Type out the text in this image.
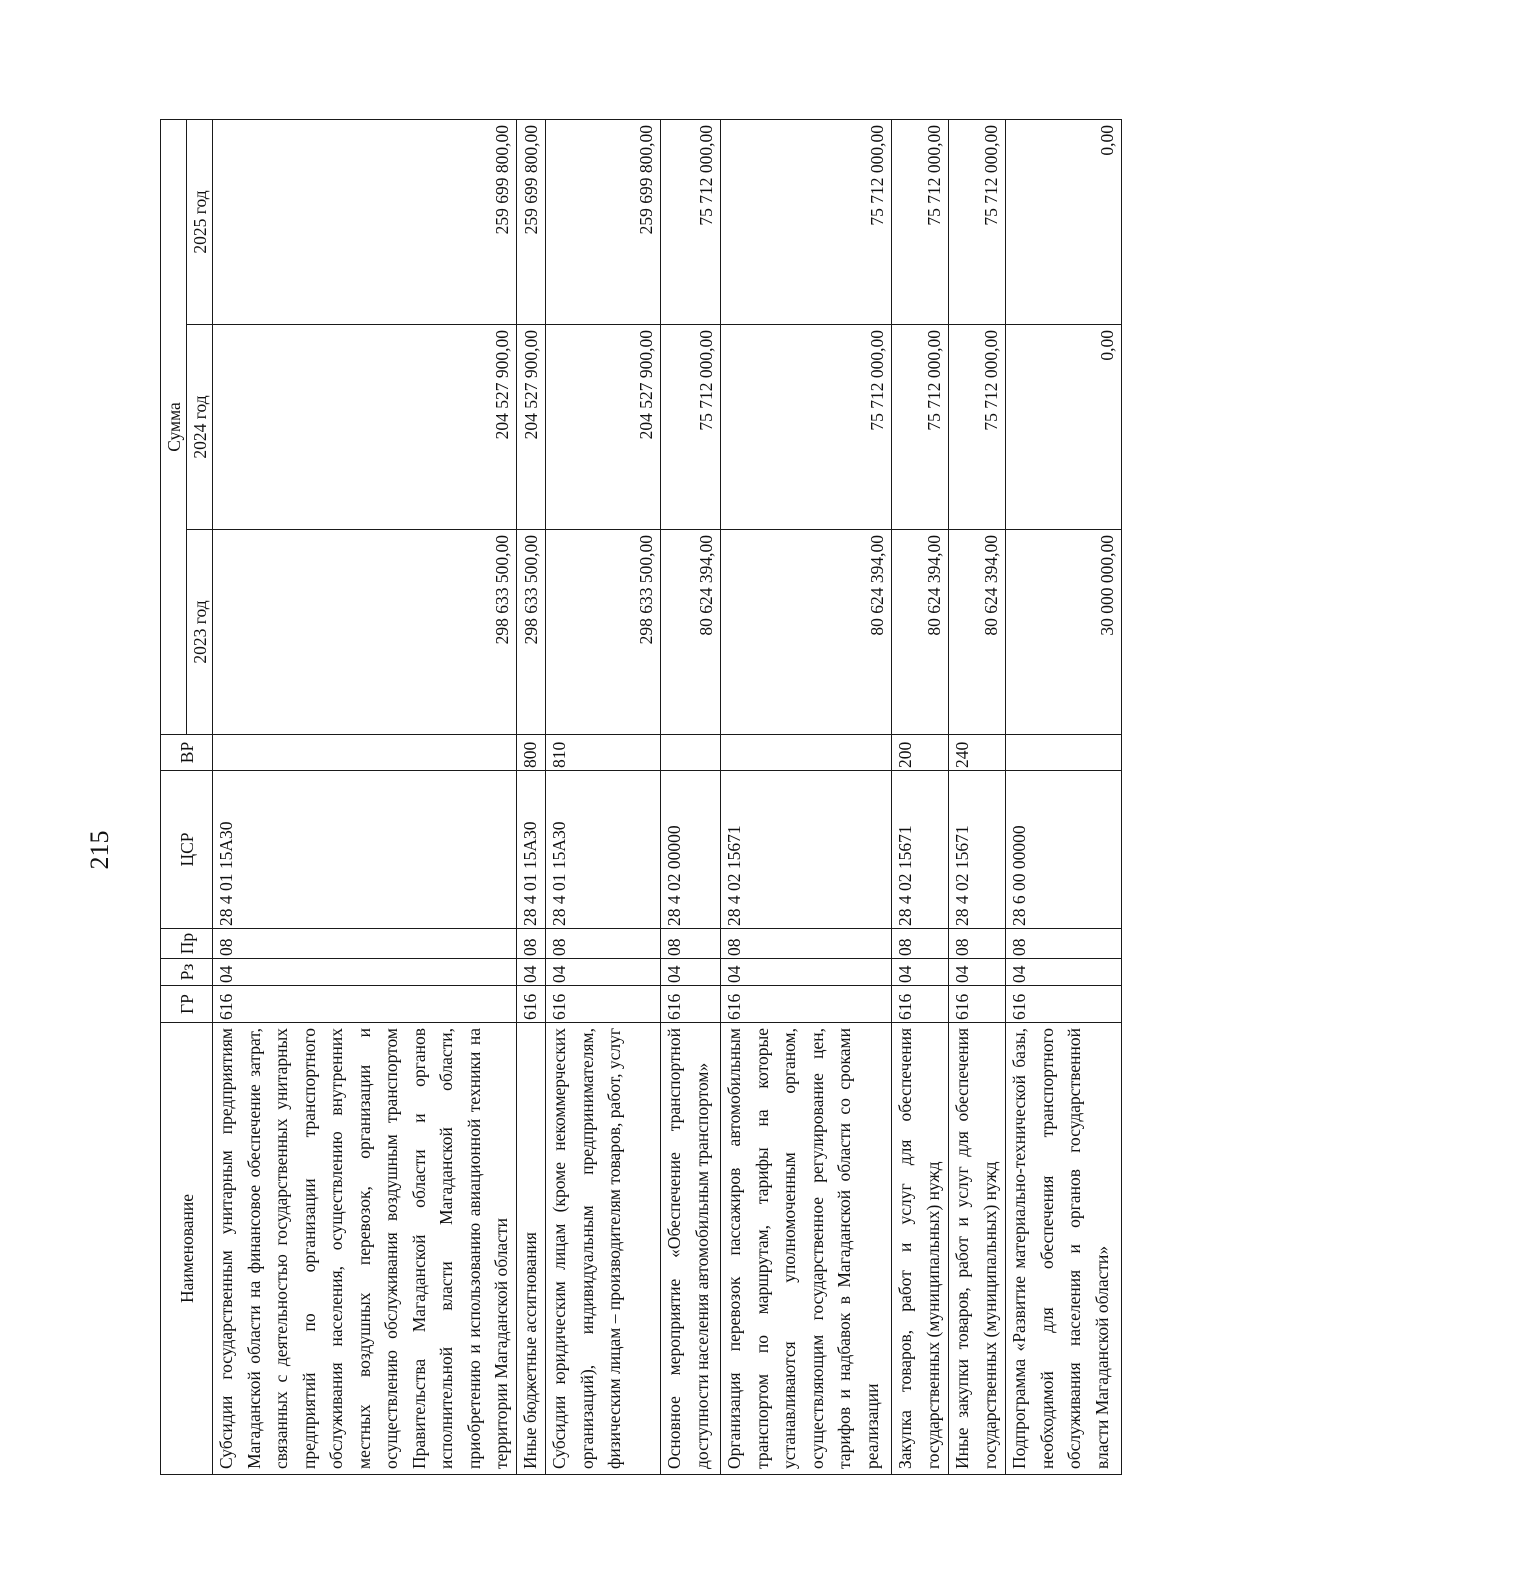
215
Наименование	ГР	Рз	Пр	ЦСР	ВР	Сумма		
						2023 год	2024 год	2025 год
Субсидии государственным унитарным предприятиям Магаданской области на финансовое обеспечение затрат, связанных с деятельностью государственных унитарных предприятий по организации транспортного обслуживания населения, осуществлению внутренних местных воздушных перевозок, организации и осуществлению обслуживания воздушным транспортом Правительства Магаданской области и органов исполнительной власти Магаданской области, приобретению и использованию авиационной техники на территории Магаданской области	616	04	08	28 4 01 15А30		298 633 500,00	204 527 900,00	259 699 800,00
Иные бюджетные ассигнования	616	04	08	28 4 01 15А30	800	298 633 500,00	204 527 900,00	259 699 800,00
Субсидии юридическим лицам (кроме некоммерческих организаций), индивидуальным предпринимателям, физическим лицам – производителям товаров, работ, услуг	616	04	08	28 4 01 15А30	810	298 633 500,00	204 527 900,00	259 699 800,00
Основное мероприятие «Обеспечение транспортной доступности населения автомобильным транспортом»	616	04	08	28 4 02 00000		80 624 394,00	75 712 000,00	75 712 000,00
Организация перевозок пассажиров автомобильным транспортом по маршрутам, тарифы на которые устанавливаются уполномоченным органом, осуществляющим государственное регулирование цен, тарифов и надбавок в Магаданской области со сроками реализации	616	04	08	28 4 02 15671		80 624 394,00	75 712 000,00	75 712 000,00
Закупка товаров, работ и услуг для обеспечения государственных (муниципальных) нужд	616	04	08	28 4 02 15671	200	80 624 394,00	75 712 000,00	75 712 000,00
Иные закупки товаров, работ и услуг для обеспечения государственных (муниципальных) нужд	616	04	08	28 4 02 15671	240	80 624 394,00	75 712 000,00	75 712 000,00
Подпрограмма «Развитие материально-технической базы, необходимой для обеспечения транспортного обслуживания населения и органов государственной власти Магаданской области»	616	04	08	28 6 00 00000		30 000 000,00	0,00	0,00
